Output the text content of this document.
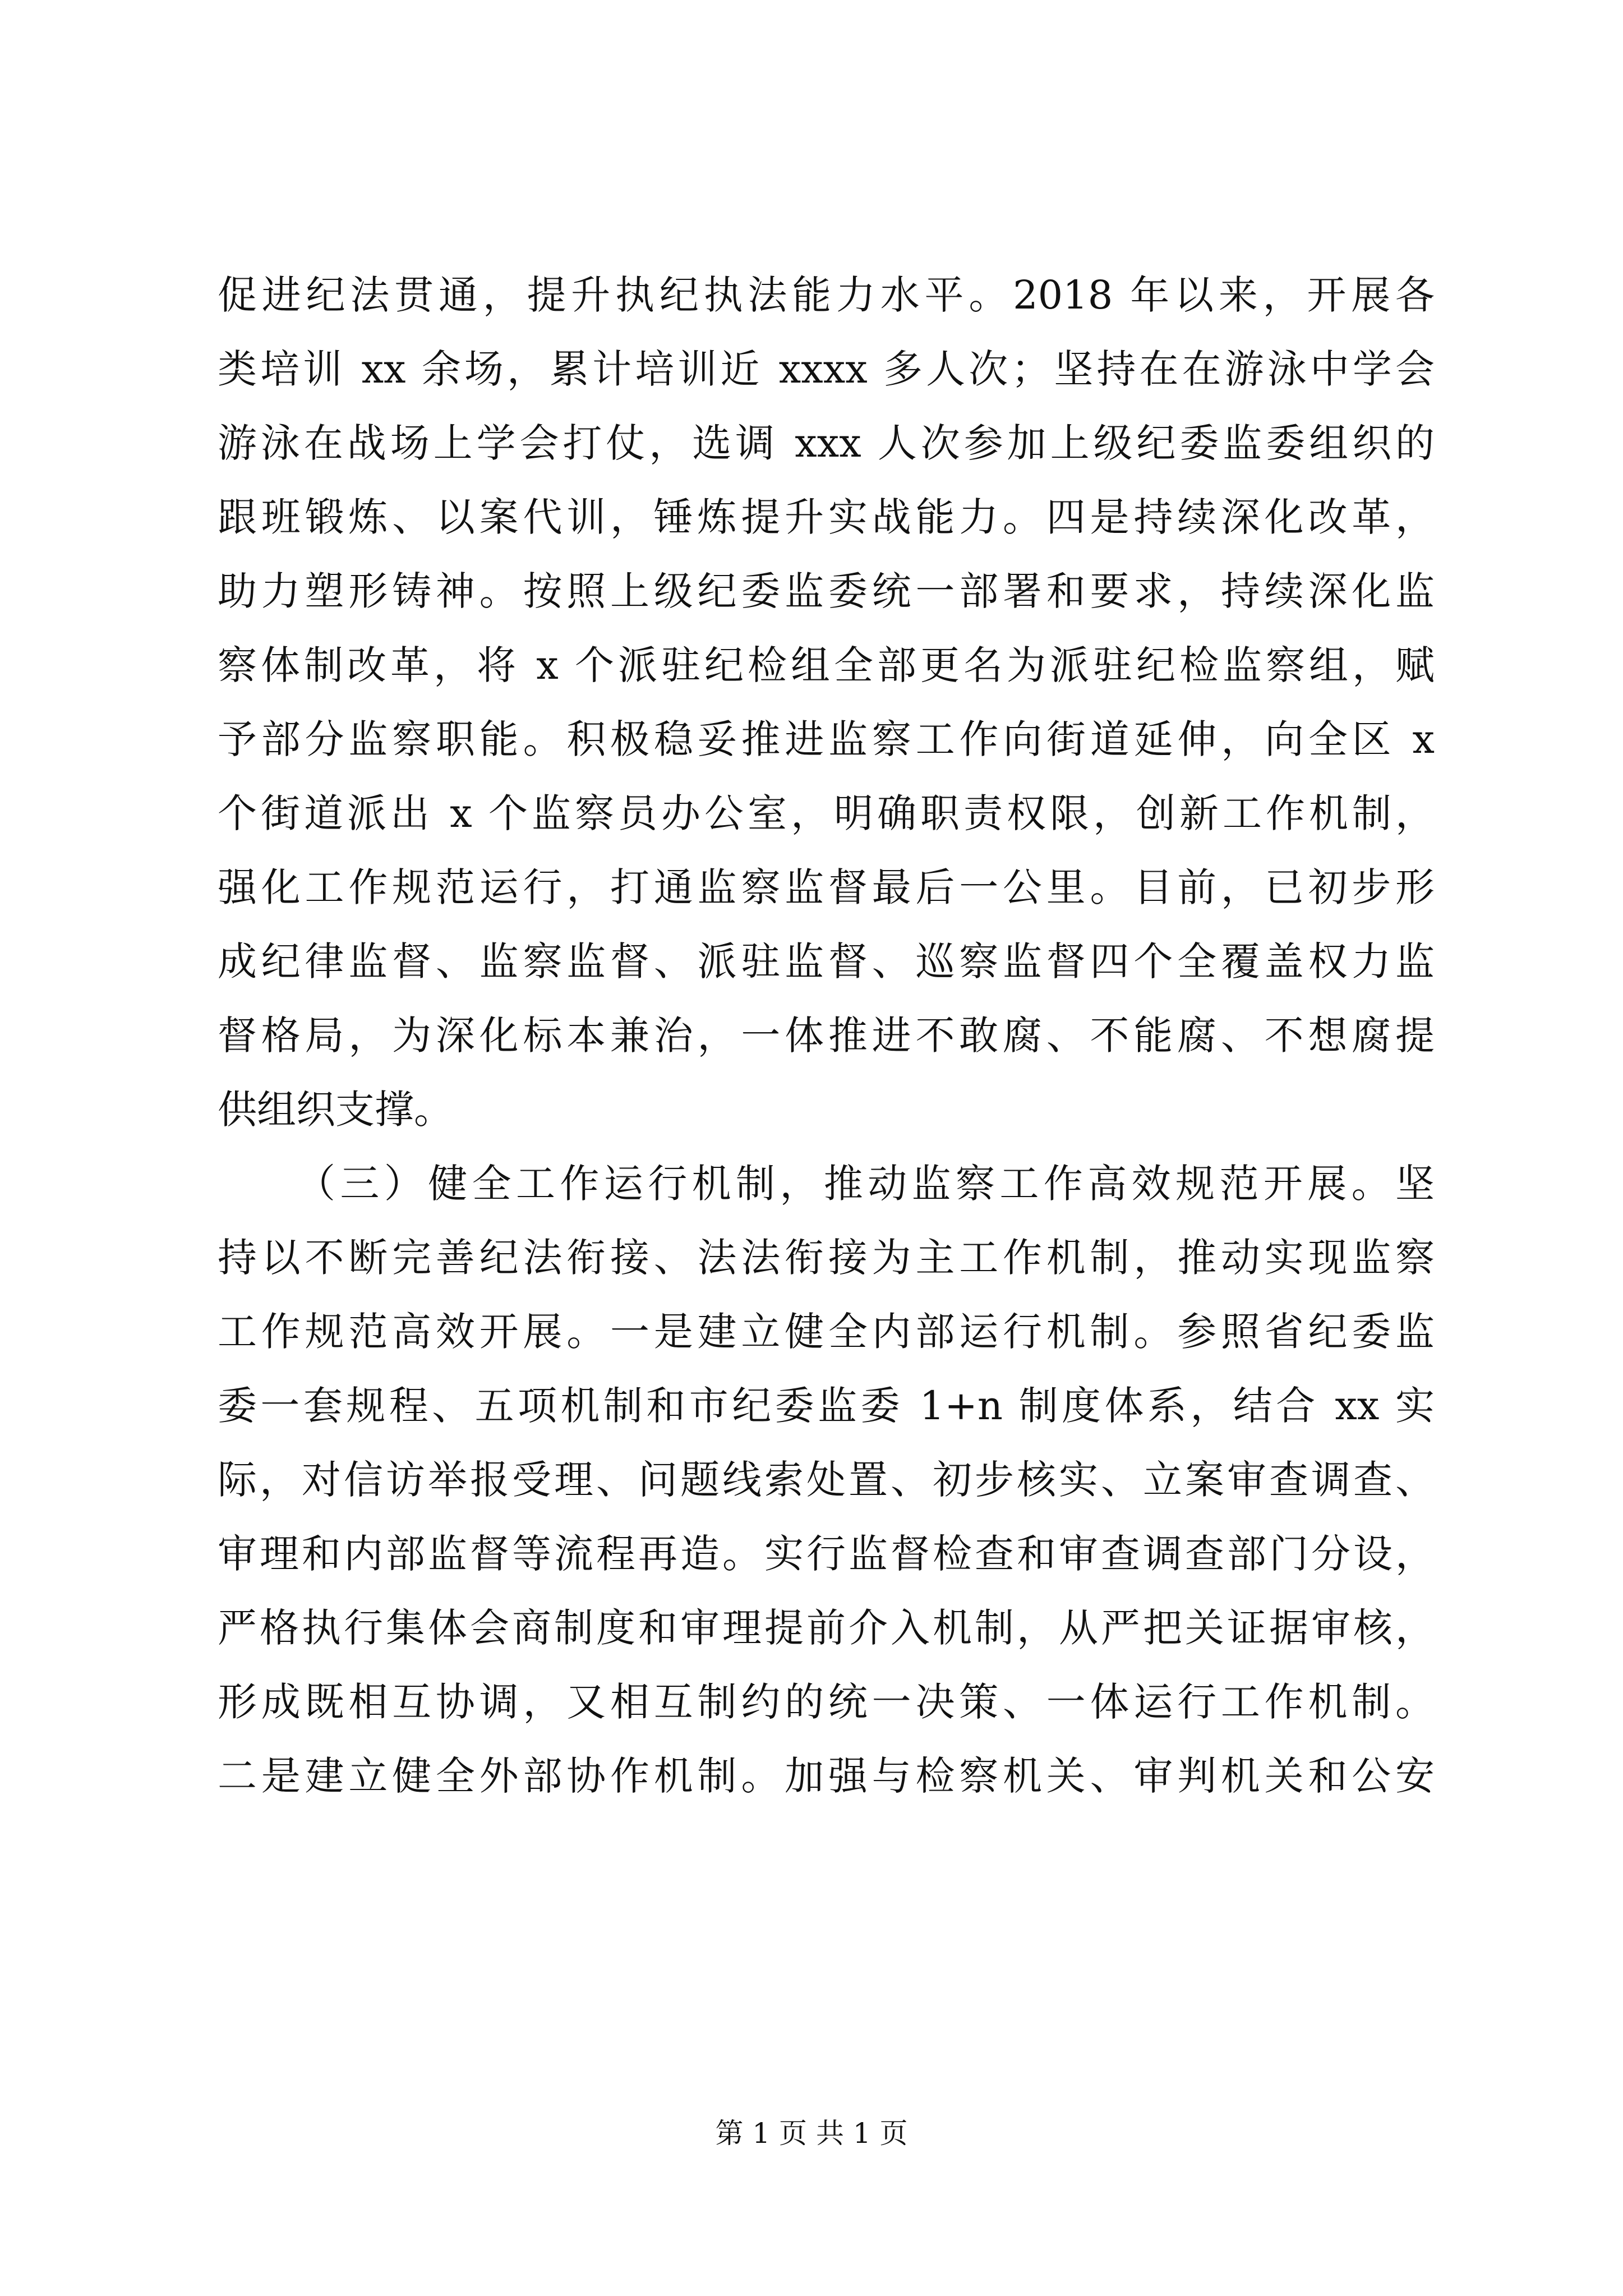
促进纪法贯通，提升执纪执法能力水平。2018 年以来，开展各
类培训 xx 余场，累计培训近 xxxx 多人次；坚持在在游泳中学会
游泳在战场上学会打仗，选调 xxx 人次参加上级纪委监委组织的
跟班锻炼、以案代训，锤炼提升实战能力。四是持续深化改革，
助力塑形铸神。按照上级纪委监委统一部署和要求，持续深化监
察体制改革，将 x 个派驻纪检组全部更名为派驻纪检监察组，赋
予部分监察职能。积极稳妥推进监察工作向街道延伸，向全区 x
个街道派出 x 个监察员办公室，明确职责权限，创新工作机制，
强化工作规范运行，打通监察监督最后一公里。目前，已初步形
成纪律监督、监察监督、派驻监督、巡察监督四个全覆盖权力监
督格局，为深化标本兼治，一体推进不敢腐、不能腐、不想腐提
供组织支撑。
（三）健全工作运行机制，推动监察工作高效规范开展。坚
持以不断完善纪法衔接、法法衔接为主工作机制，推动实现监察
工作规范高效开展。一是建立健全内部运行机制。参照省纪委监
委一套规程、五项机制和市纪委监委 1+n 制度体系，结合 xx 实
际，对信访举报受理、问题线索处置、初步核实、立案审查调查、
审理和内部监督等流程再造。实行监督检查和审查调查部门分设，
严格执行集体会商制度和审理提前介入机制，从严把关证据审核，
形成既相互协调，又相互制约的统一决策、一体运行工作机制。
二是建立健全外部协作机制。加强与检察机关、审判机关和公安
第 1 页 共 1 页
